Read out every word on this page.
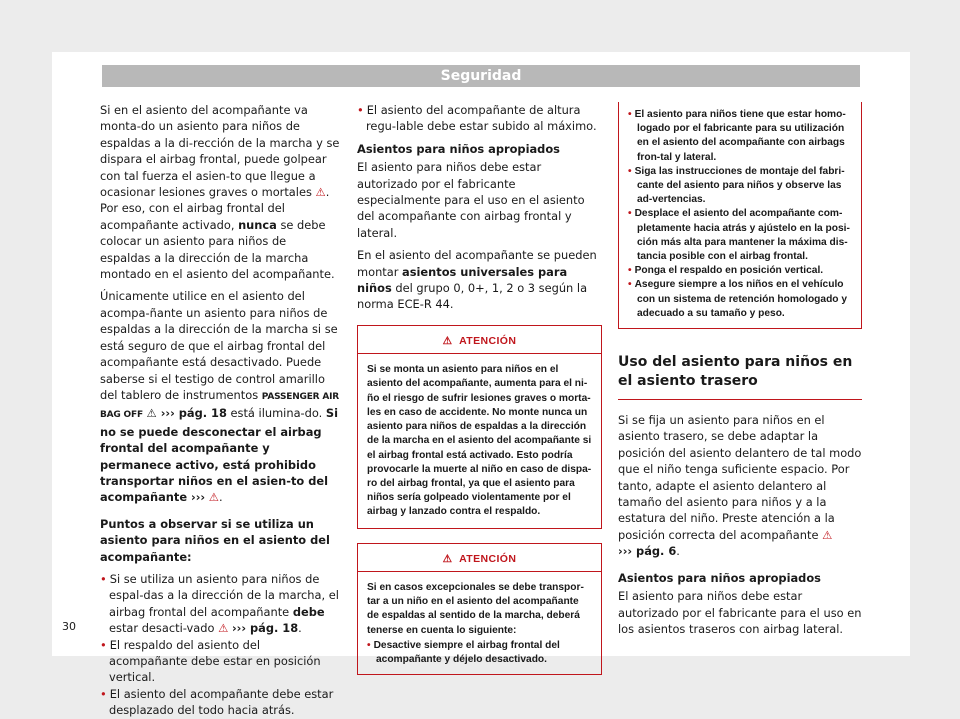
Seguridad

Si en el asiento del acompañante va monta-do un asiento para niños de espaldas a la di-rección de la marcha y se dispara el airbag frontal, puede golpear con tal fuerza el asien-to que llegue a ocasionar lesiones graves o mortales ⚠. Por eso, con el airbag frontal del acompañante activado, nunca se debe colocar un asiento para niños de espaldas a la dirección de la marcha montado en el asiento del acompañante.

Únicamente utilice en el asiento del acompa-ñante un asiento para niños de espaldas a la dirección de la marcha si se está seguro de que el airbag frontal del acompañante está desactivado. Puede saberse si el testigo de control amarillo del tablero de instrumentos PASSENGER AIR BAG OFF ⚠ ››› pág. 18 está ilumina-do. Si no se puede desconectar el airbag frontal del acompañante y permanece activo, está prohibido transportar niños en el asien-to del acompañante ››› ⚠.

Puntos a observar si se utiliza un asiento para niños en el asiento del acompañante:

• Si se utiliza un asiento para niños de espal-das a la dirección de la marcha, el airbag frontal del acompañante debe estar desacti-vado ⚠ ››› pág. 18.

• El respaldo del asiento del acompañante debe estar en posición vertical.

• El asiento del acompañante debe estar desplazado del todo hacia atrás.

• El asiento del acompañante de altura regu-lable debe estar subido al máximo.

Asientos para niños apropiados

El asiento para niños debe estar autorizado por el fabricante especialmente para el uso en el asiento del acompañante con airbag frontal y lateral.

En el asiento del acompañante se pueden montar asientos universales para niños del grupo 0, 0+, 1, 2 o 3 según la norma ECE-R 44.

⚠ ATENCIÓN

Si se monta un asiento para niños en el asiento del acompañante, aumenta para el ni-ño el riesgo de sufrir lesiones graves o morta-les en caso de accidente. No monte nunca un asiento para niños de espaldas a la dirección de la marcha en el asiento del acompañante si el airbag frontal está activado. Esto podría provocarle la muerte al niño en caso de dispa-ro del airbag frontal, ya que el asiento para niños sería golpeado violentamente por el airbag y lanzado contra el respaldo.

⚠ ATENCIÓN

Si en casos excepcionales se debe transpor-tar a un niño en el asiento del acompañante de espaldas al sentido de la marcha, deberá tenerse en cuenta lo siguiente:

• Desactive siempre el airbag frontal del acompañante y déjelo desactivado.

• El asiento para niños tiene que estar homo-logado por el fabricante para su utilización en el asiento del acompañante con airbags fron-tal y lateral.

• Siga las instrucciones de montaje del fabri-cante del asiento para niños y observe las ad-vertencias.

• Desplace el asiento del acompañante com-pletamente hacia atrás y ajústelo en la posi-ción más alta para mantener la máxima dis-tancia posible con el airbag frontal.

• Ponga el respaldo en posición vertical.

• Asegure siempre a los niños en el vehículo con un sistema de retención homologado y adecuado a su tamaño y peso.

Uso del asiento para niños en el asiento trasero

Si se fija un asiento para niños en el asiento trasero, se debe adaptar la posición del asiento delantero de tal modo que el niño tenga suficiente espacio. Por tanto, adapte el asiento delantero al tamaño del asiento para niños y a la estatura del niño. Preste atención a la posición correcta del acompañante ⚠
››› pág. 6.

Asientos para niños apropiados

El asiento para niños debe estar autorizado por el fabricante para el uso en los asientos traseros con airbag lateral.

30
